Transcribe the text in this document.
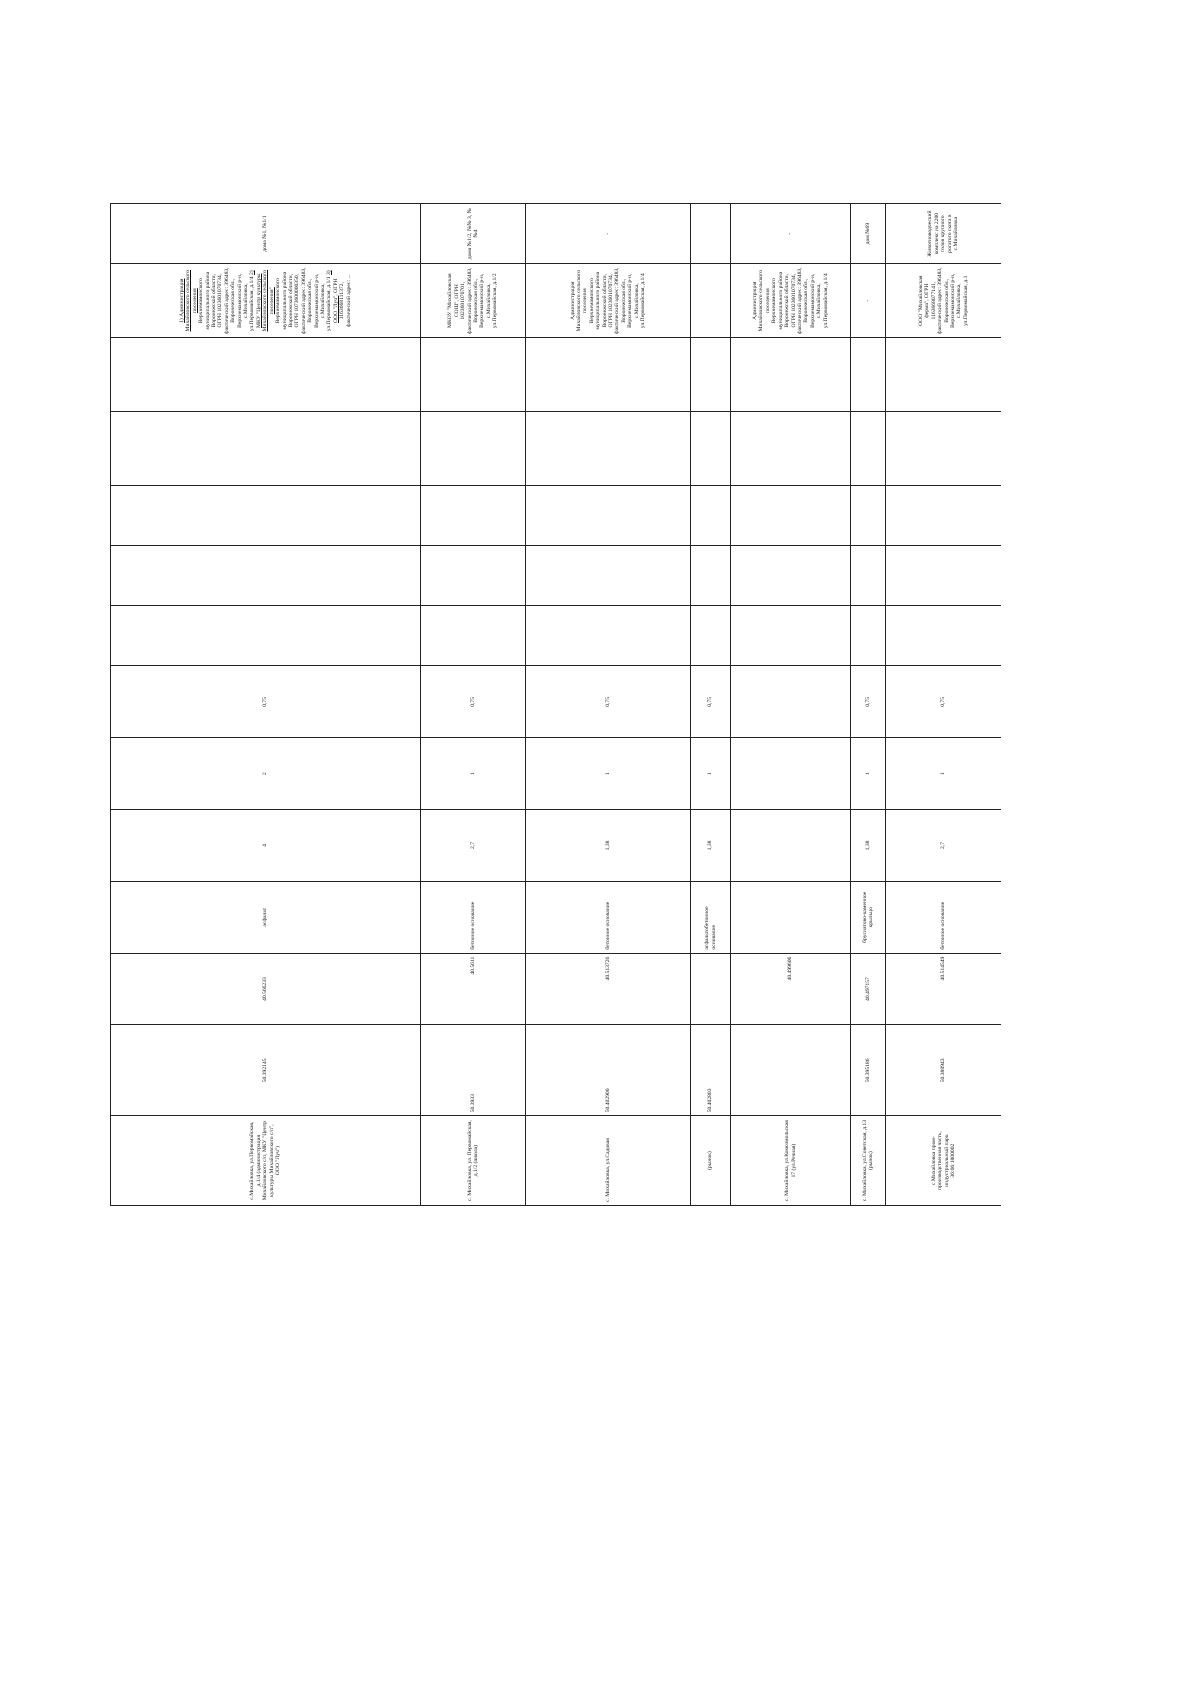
с.Михайловка, ул.Первомайская, д.1/4 (администрация Михайловского с/п, МКУ "Центр культуры Михайловского с/п", ООО "Луч")	50.392145	40.566233	асфальт	4	2	0,75						1) Администрация Михайловского сельского поселения Верхнемамонского муниципального района Воронежской области, ОГРН 1023601070734, фактический адрес: 396483, Воронежская обл., Верхнемамонский р-н, с.Михайловка, ул.Первомайская, д.1/4 2) МКУ "Центр культуры Михайловского сельского поселения" Верхнемамонского муниципального района Воронежской области, ОГРН 1073600000350, фактический адрес: 396483, Воронежская обл., Верхнемамонский р-н, с.Михайловка, ул.Первомайская, д.1/1 3) ООО "Луч", ОГРН 1163668111372, фактический адрес: ...	дома №1, №1/1
с. Михайловка, ул. Первомайская, д.1/2 (школа)	50.3933	40.5611	бетонное основание	2,7	1	0,75						МКОУ "Михайловская СОШ", ОГРН 1023601070701, фактический адрес: 396483, Воронежская обл., Верхнемамонский р-н, с.Михайловка, ул.Первомайская, д.1/2	дома №1/2, №№ 3, №№4
с. Михайловка, ул.Садовая	50.402900	40.513726	бетонное основание	1,38	1	0,75						Администрация Михайловского сельского поселения Верхнемамонского муниципального района Воронежской области, ОГРН 1023601070734, фактический адрес: 396483, Воронежская обл., Верхнемамонский р-н, с.Михайловка, ул.Первомайская, д.1/4	-
(рынок)	50.402803		асфальтобетонное основание	1,38	1	0,75							
с. Михайловка, ул.Комсомольская 17 (ул.Речная)		40.499606										Администрация Михайловского сельского поселения Верхнемамонского муниципального района Воронежской области, ОГРН 1023601070734, фактический адрес: 396483, Воронежская обл., Верхнемамонский р-н, с.Михайловка, ул.Первомайская, д.1/4	-
с. Михайловка, ул.Советская, д.13 (рынок)	50.395186	40.497157	бруснатово-каменное крыльцо	1,38	1	0,75						-	дом №69
с.Михайловка пром-производственная часть, индустриальный парк 36:06:1800002	50.388943	40.514549	бетонное основание	2,7	1	0,75						ООО "Михайловская ферма", ОГРН 1163668077141, фактический адрес: 396483, Воронежская обл., Верхнемамонский р-н, с.Михайловка, ул.Первомайская, д.1	Животноводческий комплекс на 2200 голов крупного рогатого скота в с.Михайловка
